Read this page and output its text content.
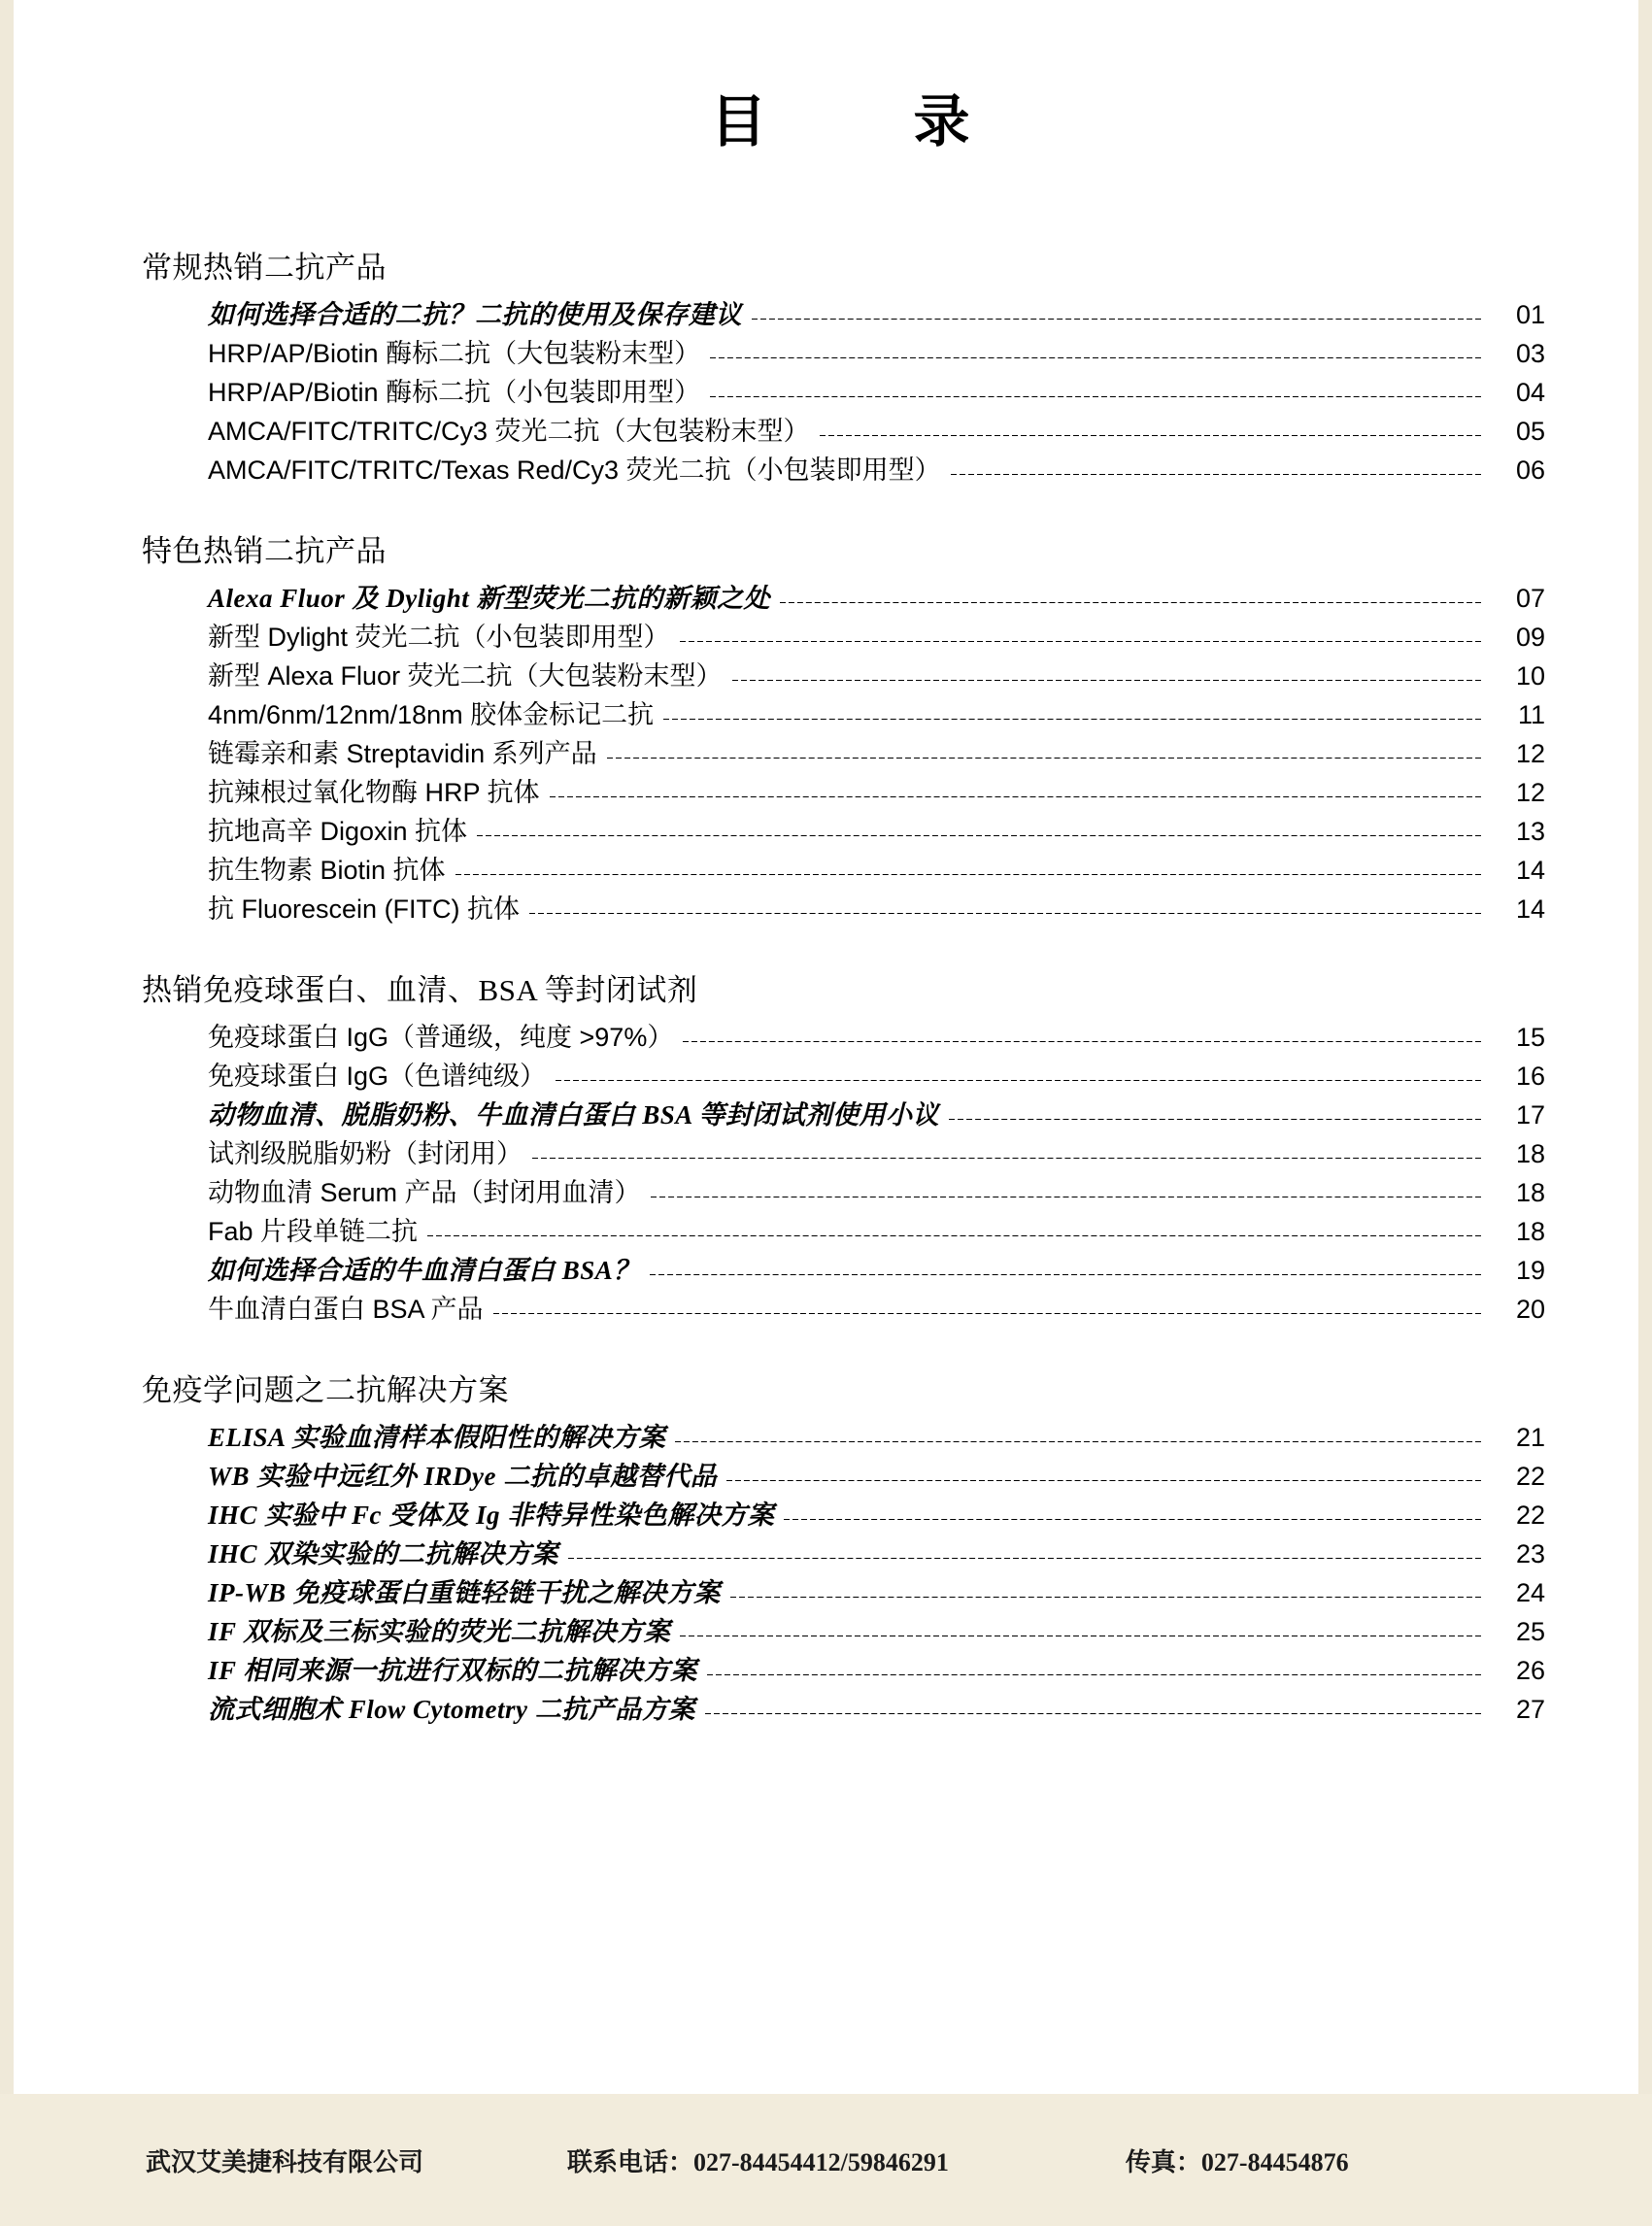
目	录
常规热销二抗产品
如何选择合适的二抗？二抗的使用及保存建议	01
HRP/AP/Biotin 酶标二抗（大包装粉末型）	03
HRP/AP/Biotin 酶标二抗（小包装即用型）	04
AMCA/FITC/TRITC/Cy3 荧光二抗（大包装粉末型）	05
AMCA/FITC/TRITC/Texas Red/Cy3 荧光二抗（小包装即用型）	06
特色热销二抗产品
Alexa Fluor 及 Dylight 新型荧光二抗的新颖之处	07
新型 Dylight 荧光二抗（小包装即用型）	09
新型 Alexa Fluor 荧光二抗（大包装粉末型）	10
4nm/6nm/12nm/18nm 胶体金标记二抗	11
链霉亲和素 Streptavidin 系列产品	12
抗辣根过氧化物酶 HRP 抗体	12
抗地高辛 Digoxin 抗体	13
抗生物素 Biotin 抗体	14
抗 Fluorescein (FITC) 抗体	14
热销免疫球蛋白、血清、BSA 等封闭试剂
免疫球蛋白 IgG（普通级，纯度 >97%）	15
免疫球蛋白 IgG（色谱纯级）	16
动物血清、脱脂奶粉、牛血清白蛋白 BSA 等封闭试剂使用小议	17
试剂级脱脂奶粉（封闭用）	18
动物血清 Serum 产品（封闭用血清）	18
Fab 片段单链二抗	18
如何选择合适的牛血清白蛋白 BSA？	19
牛血清白蛋白 BSA 产品	20
免疫学问题之二抗解决方案
ELISA 实验血清样本假阳性的解决方案	21
WB 实验中远红外 IRDye 二抗的卓越替代品	22
IHC 实验中 Fc 受体及 Ig 非特异性染色解决方案	22
IHC 双染实验的二抗解决方案	23
IP-WB 免疫球蛋白重链轻链干扰之解决方案	24
IF 双标及三标实验的荧光二抗解决方案	25
IF 相同来源一抗进行双标的二抗解决方案	26
流式细胞术 Flow Cytometry 二抗产品方案	27
武汉艾美捷科技有限公司	联系电话：027-84454412/59846291	传真：027-84454876
